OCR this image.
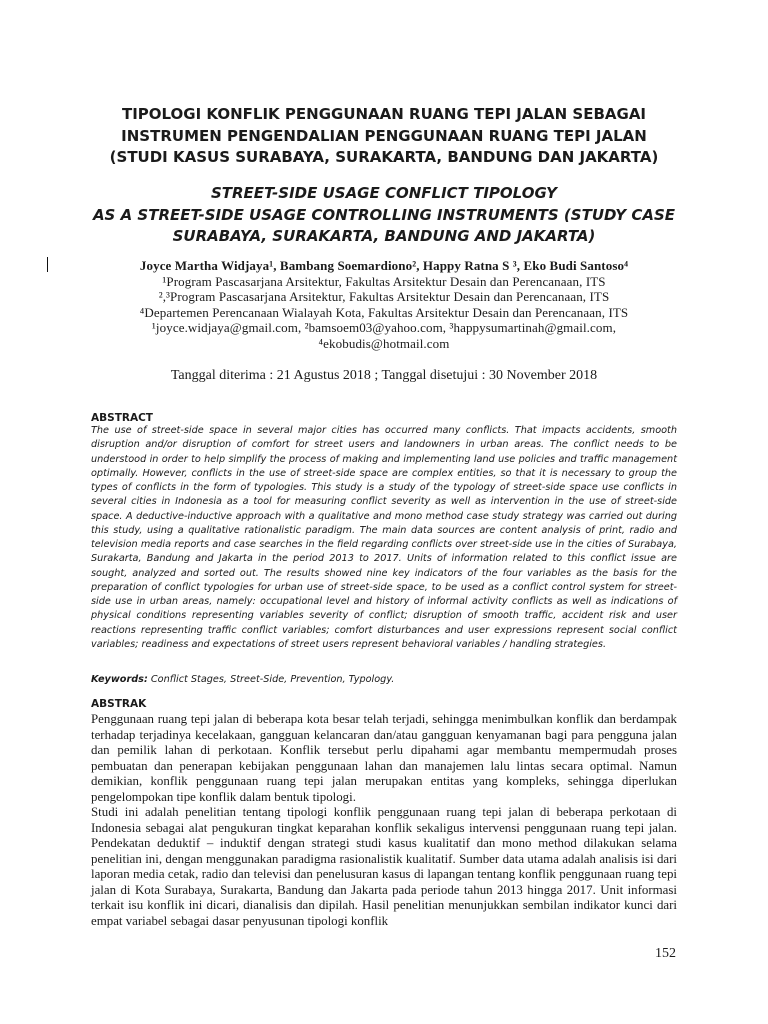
TIPOLOGI KONFLIK PENGGUNAAN RUANG TEPI JALAN SEBAGAI
INSTRUMEN PENGENDALIAN PENGGUNAAN RUANG TEPI JALAN
(STUDI KASUS SURABAYA, SURAKARTA, BANDUNG DAN JAKARTA)
STREET-SIDE USAGE CONFLICT TIPOLOGY
AS A STREET-SIDE USAGE CONTROLLING INSTRUMENTS (STUDY CASE
SURABAYA, SURAKARTA, BANDUNG AND JAKARTA)
Joyce Martha Widjaya¹, Bambang Soemardiono², Happy Ratna S ³, Eko Budi Santoso⁴
¹Program Pascasarjana Arsitektur, Fakultas Arsitektur Desain dan Perencanaan, ITS
²,³Program Pascasarjana Arsitektur, Fakultas Arsitektur Desain dan Perencanaan, ITS
⁴Departemen Perencanaan Wialayah Kota, Fakultas Arsitektur Desain dan Perencanaan, ITS
¹joyce.widjaya@gmail.com, ²bamsoem03@yahoo.com, ³happysumartinah@gmail.com,
⁴ekobudis@hotmail.com
Tanggal diterima : 21 Agustus 2018 ; Tanggal disetujui : 30 November 2018
ABSTRACT

The use of street-side space in several major cities has occurred many conflicts. That impacts accidents, smooth disruption and/or disruption of comfort for street users and landowners in urban areas. The conflict needs to be understood in order to help simplify the process of making and implementing land use policies and traffic management optimally. However, conflicts in the use of street-side space are complex entities, so that it is necessary to group the types of conflicts in the form of typologies. This study is a study of the typology of street-side space use conflicts in several cities in Indonesia as a tool for measuring conflict severity as well as intervention in the use of street-side space. A deductive-inductive approach with a qualitative and mono method case study strategy was carried out during this study, using a qualitative rationalistic paradigm. The main data sources are content analysis of print, radio and television media reports and case searches in the field regarding conflicts over street-side use in the cities of Surabaya, Surakarta, Bandung and Jakarta in the period 2013 to 2017. Units of information related to this conflict issue are sought, analyzed and sorted out. The results showed nine key indicators of the four variables as the basis for the preparation of conflict typologies for urban use of street-side space, to be used as a conflict control system for street-side use in urban areas, namely: occupational level and history of informal activity conflicts as well as indications of physical conditions representing variables severity of conflict; disruption of smooth traffic, accident risk and user reactions representing traffic conflict variables; comfort disturbances and user expressions represent social conflict variables; readiness and expectations of street users represent behavioral variables / handling strategies.

Keywords: Conflict Stages, Street-Side, Prevention, Typology.
ABSTRAK

Penggunaan ruang tepi jalan di beberapa kota besar telah terjadi, sehingga menimbulkan konflik dan berdampak terhadap terjadinya kecelakaan, gangguan kelancaran dan/atau gangguan kenyamanan bagi para pengguna jalan dan pemilik lahan di perkotaan. Konflik tersebut perlu dipahami agar membantu mempermudah proses pembuatan dan penerapan kebijakan penggunaan lahan dan manajemen lalu lintas secara optimal. Namun demikian, konflik penggunaan ruang tepi jalan merupakan entitas yang kompleks, sehingga diperlukan pengelompokan tipe konflik dalam bentuk tipologi.

Studi ini adalah penelitian tentang tipologi konflik penggunaan ruang tepi jalan di beberapa perkotaan di Indonesia sebagai alat pengukuran tingkat keparahan konflik sekaligus intervensi penggunaan ruang tepi jalan. Pendekatan deduktif – induktif dengan strategi studi kasus kualitatif dan mono method dilakukan selama penelitian ini, dengan menggunakan paradigma rasionalistik kualitatif. Sumber data utama adalah analisis isi dari laporan media cetak, radio dan televisi dan penelusuran kasus di lapangan tentang konflik penggunaan ruang tepi jalan di Kota Surabaya, Surakarta, Bandung dan Jakarta pada periode tahun 2013 hingga 2017. Unit informasi terkait isu konflik ini dicari, dianalisis dan dipilah. Hasil penelitian menunjukkan sembilan indikator kunci dari empat variabel sebagai dasar penyusunan tipologi konflik

152
